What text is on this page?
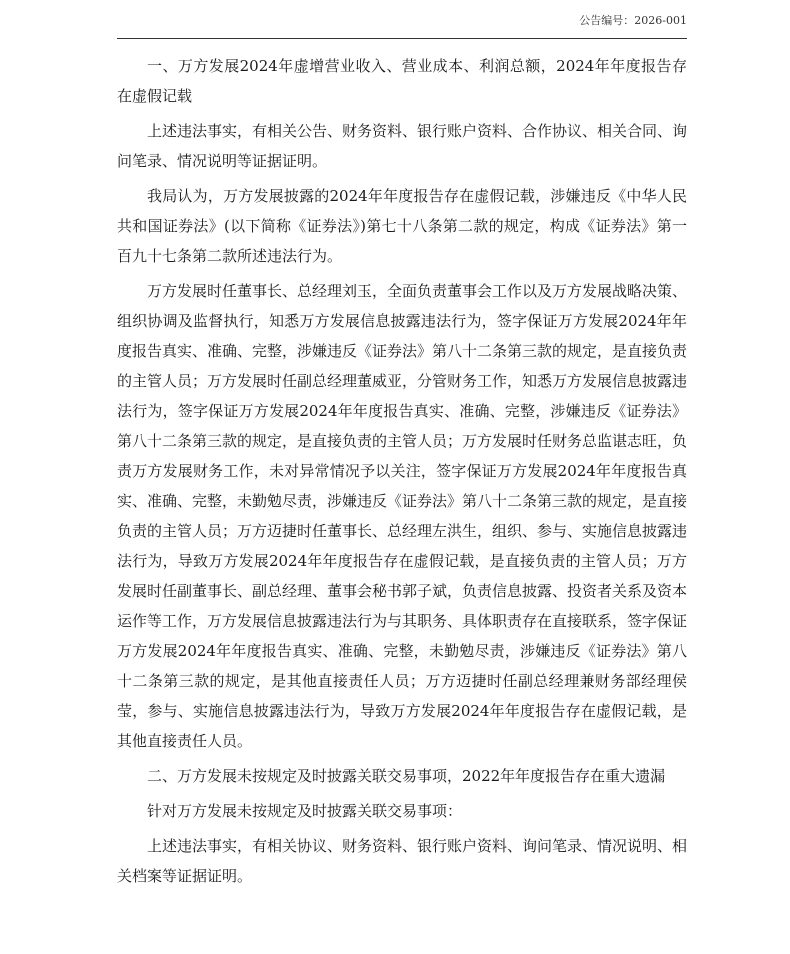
公告编号：2026-001

一、万方发展2024年虚增营业收入、营业成本、利润总额，2024年年度报告存在虚假记载

上述违法事实，有相关公告、财务资料、银行账户资料、合作协议、相关合同、询问笔录、情况说明等证据证明。

我局认为，万方发展披露的2024年年度报告存在虚假记载，涉嫌违反《中华人民共和国证券法》(以下简称《证券法》)第七十八条第二款的规定，构成《证券法》第一百九十七条第二款所述违法行为。

万方发展时任董事长、总经理刘玉，全面负责董事会工作以及万方发展战略决策、组织协调及监督执行，知悉万方发展信息披露违法行为，签字保证万方发展2024年年度报告真实、准确、完整，涉嫌违反《证券法》第八十二条第三款的规定，是直接负责的主管人员；万方发展时任副总经理董威亚，分管财务工作，知悉万方发展信息披露违法行为，签字保证万方发展2024年年度报告真实、准确、完整，涉嫌违反《证券法》第八十二条第三款的规定，是直接负责的主管人员；万方发展时任财务总监谌志旺，负责万方发展财务工作，未对异常情况予以关注，签字保证万方发展2024年年度报告真实、准确、完整，未勤勉尽责，涉嫌违反《证券法》第八十二条第三款的规定，是直接负责的主管人员；万方迈捷时任董事长、总经理左洪生，组织、参与、实施信息披露违法行为，导致万方发展2024年年度报告存在虚假记载，是直接负责的主管人员；万方发展时任副董事长、副总经理、董事会秘书郭子斌，负责信息披露、投资者关系及资本运作等工作，万方发展信息披露违法行为与其职务、具体职责存在直接联系，签字保证万方发展2024年年度报告真实、准确、完整，未勤勉尽责，涉嫌违反《证券法》第八十二条第三款的规定，是其他直接责任人员；万方迈捷时任副总经理兼财务部经理侯莹，参与、实施信息披露违法行为，导致万方发展2024年年度报告存在虚假记载，是其他直接责任人员。

二、万方发展未按规定及时披露关联交易事项，2022年年度报告存在重大遗漏

针对万方发展未按规定及时披露关联交易事项：

上述违法事实，有相关协议、财务资料、银行账户资料、询问笔录、情况说明、相关档案等证据证明。
